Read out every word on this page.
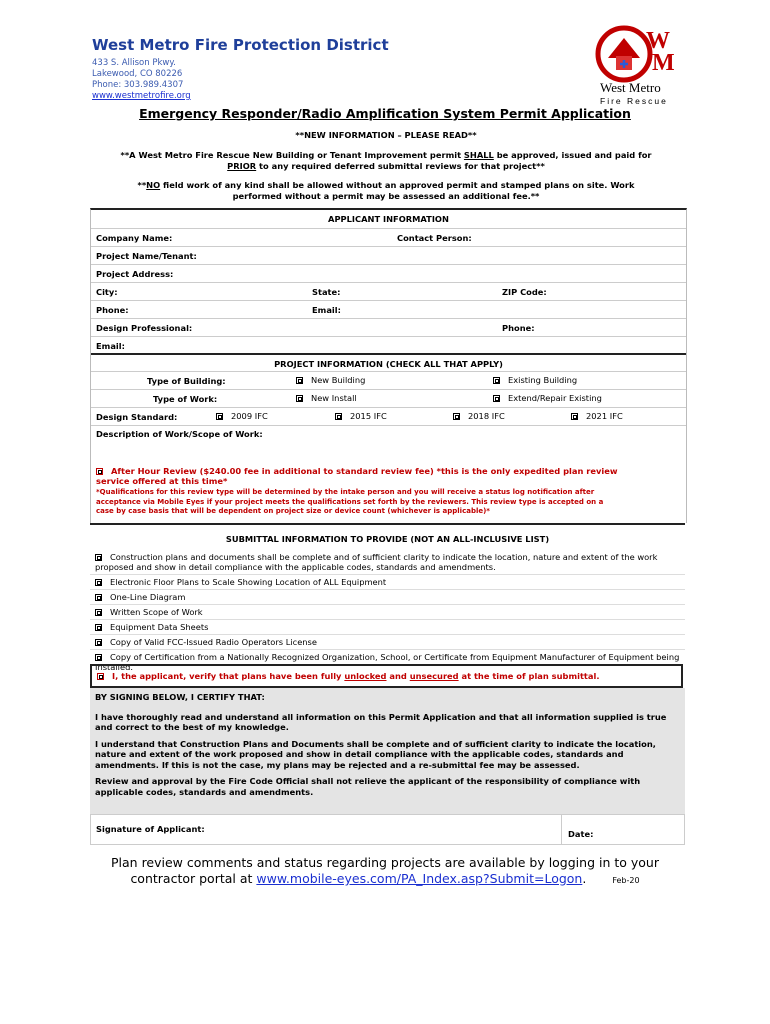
West Metro Fire Protection District
433 S. Allison Pkwy.
Lakewood, CO 80226
Phone: 303.989.4307
www.westmetrofire.org
W
M
West Metro
Fire Rescue
Emergency Responder/Radio Amplification System Permit Application
**NEW INFORMATION – PLEASE READ**
**A West Metro Fire Rescue New Building or Tenant Improvement permit SHALL be approved, issued and paid for
PRIOR to any required deferred submittal reviews for that project**
**NO field work of any kind shall be allowed without an approved permit and stamped plans on site. Work
performed without a permit may be assessed an additional fee.**
APPLICANT INFORMATION
Company Name:	Contact Person:
Project Name/Tenant:
Project Address:
City:	State:	ZIP Code:
Phone:	Email:
Design Professional:	Phone:
Email:
PROJECT INFORMATION (CHECK ALL THAT APPLY)
Type of Building:	New Building	Existing Building
Type of Work:	New Install	Extend/Repair Existing
Design Standard:	2009 IFC	2015 IFC	2018 IFC	2021 IFC
Description of Work/Scope of Work:
After Hour Review ($240.00 fee in additional to standard review fee) *this is the only expedited plan review

service offered at this time*
*Qualifications for this review type will be determined by the intake person and you will receive a status log notification after
acceptance via Mobile Eyes if your project meets the qualifications set forth by the reviewers. This review type is accepted on a
case by case basis that will be dependent on project size or device count (whichever is applicable)*
SUBMITTAL INFORMATION TO PROVIDE (NOT AN ALL-INCLUSIVE LIST)
Construction plans and documents shall be complete and of sufficient clarity to indicate the location, nature and extent of the work proposed and show in detail compliance with the applicable codes, standards and amendments.
Electronic Floor Plans to Scale Showing Location of ALL Equipment
One-Line Diagram
Written Scope of Work
Equipment Data Sheets
Copy of Valid FCC-Issued Radio Operators License
Copy of Certification from a Nationally Recognized Organization, School, or Certificate from Equipment Manufacturer of Equipment being Installed.
I, the applicant, verify that plans have been fully unlocked and unsecured at the time of plan submittal.
BY SIGNING BELOW, I CERTIFY THAT:
I have thoroughly read and understand all information on this Permit Application and that all information supplied is true and correct to the best of my knowledge.
I understand that Construction Plans and Documents shall be complete and of sufficient clarity to indicate the location, nature and extent of the work proposed and show in detail compliance with the applicable codes, standards and amendments. If this is not the case, my plans may be rejected and a re-submittal fee may be assessed.
Review and approval by the Fire Code Official shall not relieve the applicant of the responsibility of compliance with applicable codes, standards and amendments.
Signature of Applicant:	Date:
Plan review comments and status regarding projects are available by logging in to your
contractor portal at www.mobile-eyes.com/PA_Index.asp?Submit=Logon.	Feb-20
